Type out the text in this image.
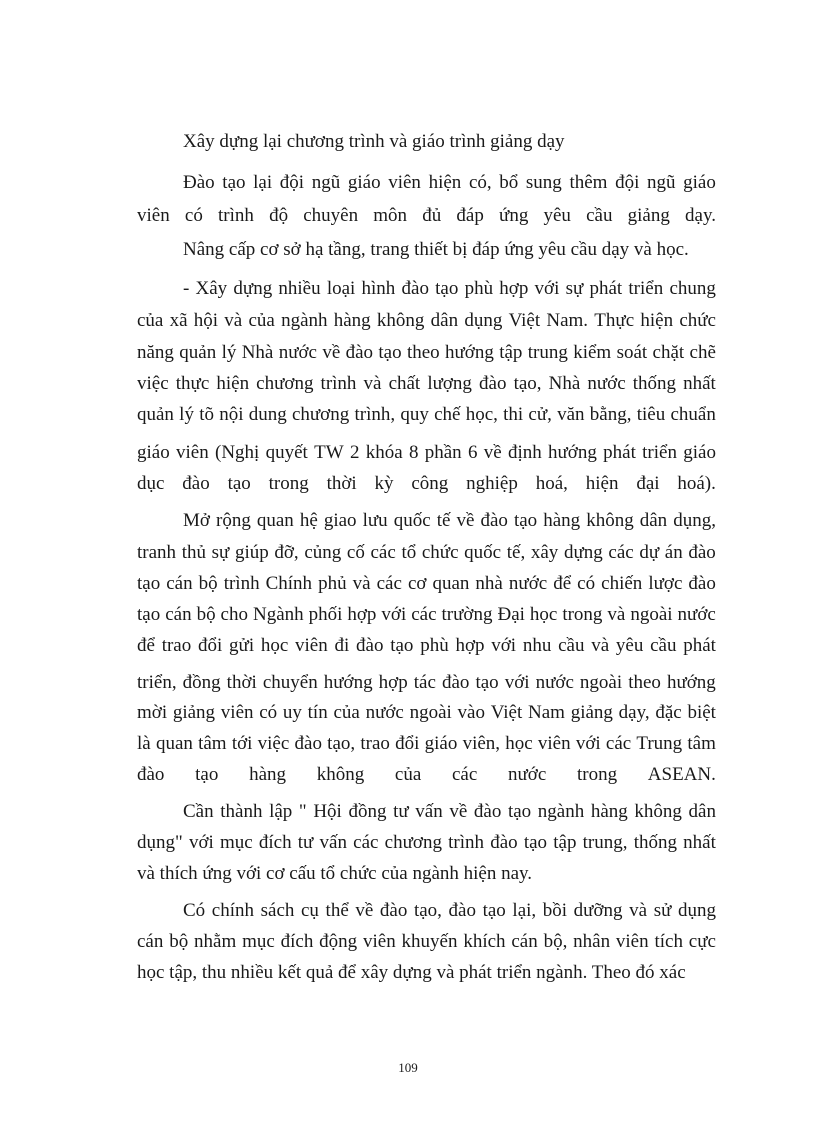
Xây dựng lại chương trình và giáo trình giảng dạy
Đào tạo lại đội ngũ giáo viên hiện có, bổ sung thêm đội ngũ giáo
viên có trình độ chuyên môn đủ đáp ứng yêu cầu giảng dạy.
Nâng cấp cơ sở hạ tầng, trang thiết bị đáp ứng yêu cầu dạy và học.
- Xây dựng nhiều loại hình đào tạo phù hợp với sự phát triển chung
của xã hội và của ngành hàng không dân dụng Việt Nam. Thực hiện chức
năng quản lý Nhà nước về đào tạo theo hướng tập trung kiểm soát chặt chẽ
việc thực hiện chương trình và chất lượng đào tạo, Nhà nước thống nhất
quản lý tõ nội dung chương trình, quy chế học, thi cử, văn bằng, tiêu chuẩn
giáo viên (Nghị quyết TW 2 khóa 8 phần 6 về định hướng phát triển giáo
dục đào tạo trong thời kỳ công nghiệp hoá, hiện đại hoá).
Mở rộng quan hệ giao lưu quốc tế về đào tạo hàng không dân dụng,
tranh thủ sự giúp đỡ, củng cố các tổ chức quốc tế, xây dựng các dự án đào
tạo cán bộ trình Chính phủ và các cơ quan nhà nước để có chiến lược đào
tạo cán bộ cho Ngành phối hợp với các trường Đại học trong và ngoài nước
để trao đổi gửi học viên đi đào tạo phù hợp với nhu cầu và yêu cầu phát
triển, đồng thời chuyển hướng hợp tác đào tạo với nước ngoài theo hướng
mời giảng viên có uy tín của nước ngoài vào Việt Nam giảng dạy, đặc biệt
là quan tâm tới việc đào tạo, trao đổi giáo viên, học viên với các Trung tâm
đào tạo hàng không của các nước trong ASEAN.
Cần thành lập " Hội đồng tư vấn về đào tạo ngành hàng không dân
dụng" với mục đích tư vấn các chương trình đào tạo tập trung, thống nhất
và thích ứng với cơ cấu tổ chức của ngành hiện nay.
Có chính sách cụ thể về đào tạo, đào tạo lại, bồi dưỡng và sử dụng
cán bộ nhằm mục đích động viên khuyến khích cán bộ, nhân viên tích cực
học tập, thu nhiều kết quả để xây dựng và phát triển ngành. Theo đó xác
109
